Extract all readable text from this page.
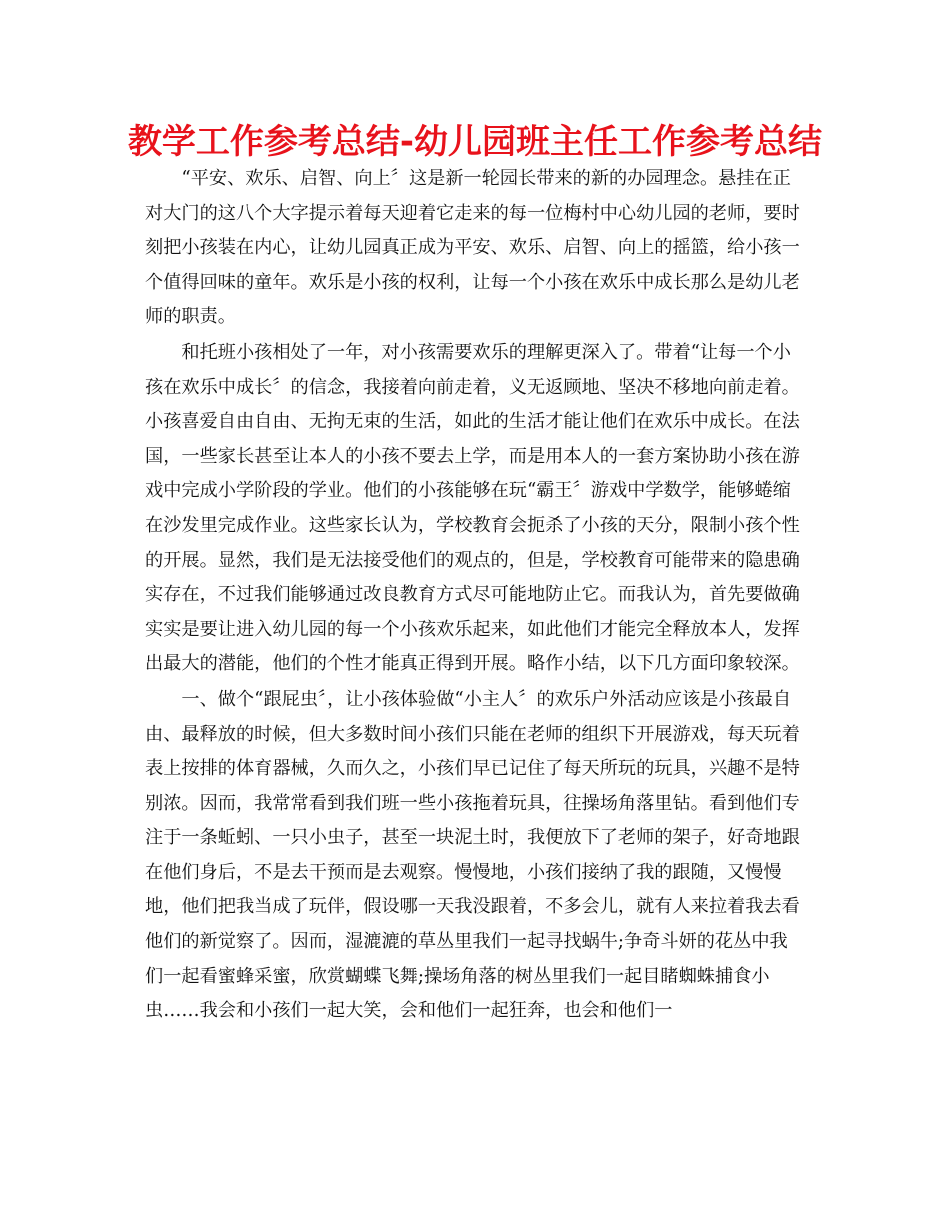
教学工作参考总结-幼儿园班主任工作参考总结

“平安、欢乐、启智、向上〞这是新一轮园长带来的新的办园理念。悬挂在正对大门的这八个大字提示着每天迎着它走来的每一位梅村中心幼儿园的老师，要时刻把小孩装在内心，让幼儿园真正成为平安、欢乐、启智、向上的摇篮，给小孩一个值得回味的童年。欢乐是小孩的权利，让每一个小孩在欢乐中成长那么是幼儿老师的职责。

和托班小孩相处了一年，对小孩需要欢乐的理解更深入了。带着“让每一个小孩在欢乐中成长〞的信念，我接着向前走着，义无返顾地、坚决不移地向前走着。小孩喜爱自由自由、无拘无束的生活，如此的生活才能让他们在欢乐中成长。在法国，一些家长甚至让本人的小孩不要去上学，而是用本人的一套方案协助小孩在游戏中完成小学阶段的学业。他们的小孩能够在玩“霸王〞游戏中学数学，能够蜷缩在沙发里完成作业。这些家长认为，学校教育会扼杀了小孩的天分，限制小孩个性的开展。显然，我们是无法接受他们的观点的，但是，学校教育可能带来的隐患确实存在，不过我们能够通过改良教育方式尽可能地防止它。而我认为，首先要做确实实是要让进入幼儿园的每一个小孩欢乐起来，如此他们才能完全释放本人，发挥出最大的潜能，他们的个性才能真正得到开展。略作小结，以下几方面印象较深。

一、做个“跟屁虫〞，让小孩体验做“小主人〞的欢乐户外活动应该是小孩最自由、最释放的时候，但大多数时间小孩们只能在老师的组织下开展游戏，每天玩着表上按排的体育器械，久而久之，小孩们早已记住了每天所玩的玩具，兴趣不是特别浓。因而，我常常看到我们班一些小孩拖着玩具，往操场角落里钻。看到他们专注于一条蚯蚓、一只小虫子，甚至一块泥土时，我便放下了老师的架子，好奇地跟在他们身后，不是去干预而是去观察。慢慢地，小孩们接纳了我的跟随，又慢慢地，他们把我当成了玩伴，假设哪一天我没跟着，不多会儿，就有人来拉着我去看他们的新觉察了。因而，湿漉漉的草丛里我们一起寻找蜗牛;争奇斗妍的花丛中我们一起看蜜蜂采蜜，欣赏蝴蝶飞舞;操场角落的树丛里我们一起目睹蜘蛛捕食小虫……我会和小孩们一起大笑，会和他们一起狂奔，也会和他们一
